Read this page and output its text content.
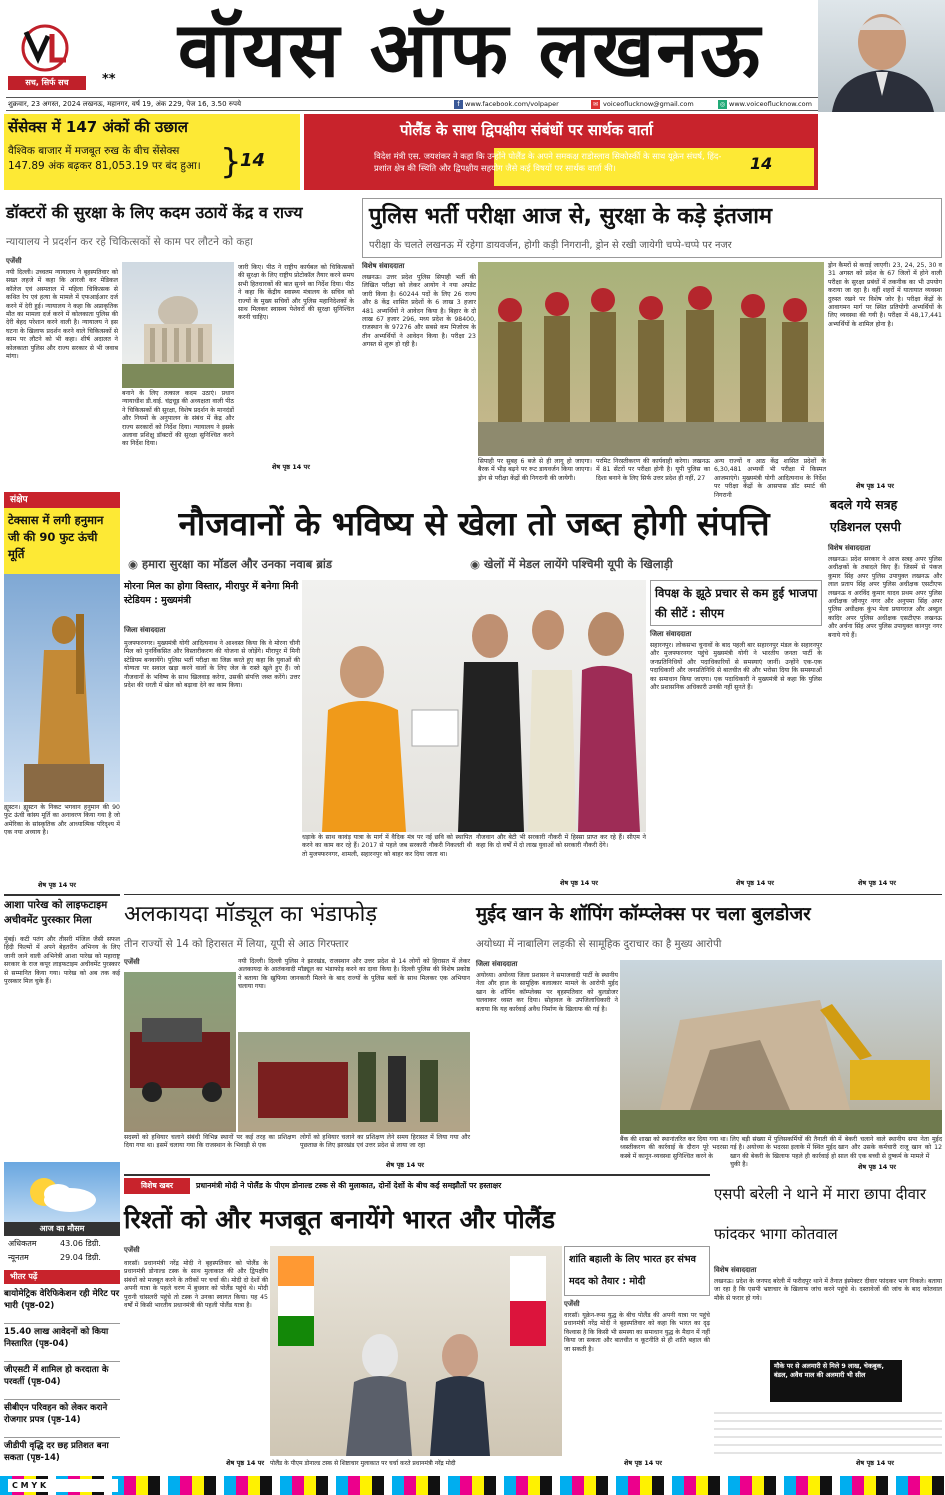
सच, सिर्फ सच	** वॉयस ऑफ लखनऊ
शुक्रवार, 23 अगस्त, 2024 लखनऊ, महानगर, वर्ष 19, अंक 229, पेज 16, 3.50 रुपये	f www.facebook.com/volpaper	✉ voiceoflucknow@gmail.com	◎ www.voiceoflucknow.com
सेंसेक्स में 147 अंकों की उछाल
वैश्विक बाजार में मजबूत रुख के बीच सेंसेक्स 147.89 अंक बढ़कर 81,053.19 पर बंद हुआ। }
14
पोलैंड के साथ द्विपक्षीय संबंधों पर सार्थक वार्ता
विदेश मंत्री एस. जयशंकर ने कहा कि उन्होंने पोलैंड के अपने समकक्ष राडोस्लाव सिकोर्स्की के साथ यूक्रेन संघर्ष, हिंद-प्रशांत क्षेत्र की स्थिति और द्विपक्षीय सहयोग जैसे कई विषयों पर सार्थक वार्ता की।	14
डॉक्टरों की सुरक्षा के लिए कदम उठायें केंद्र व राज्य
न्यायालय ने प्रदर्शन कर रहे चिकित्सकों से काम पर लौटने को कहा
एजेंसी
नयी दिल्ली। उच्चतम न्यायालय ने बृहस्पतिवार को सख्त लहजे में कहा कि आरजी कर मेडिकल कॉलेज एवं अस्पताल में महिला चिकित्सक से कथित रेप एवं हत्या के मामले में एफआईआर दर्ज करने में देरी हुई। न्यायालय ने कहा कि अप्राकृतिक मौत का मामला दर्ज करने में कोलकाता पुलिस की देरी बेहद परेशान करने वाली है। न्यायालय ने इस घटना के खिलाफ प्रदर्शन करने वाले चिकित्सकों से काम पर लौटने को भी कहा। शीर्ष अदालत ने कोलकाता पुलिस और राज्य सरकार से भी जवाब मांगा।
बनाने के लिए तत्काल कदम उठाएं। प्रधान न्यायाधीश डी.वाई. चंद्रचूड़ की अध्यक्षता वाली पीठ ने चिकित्सकों की सुरक्षा, विशेष प्रदर्शन के मानदंडों और नियमों के अनुपालन के संबंध में केंद्र और राज्य सरकारों को निर्देश दिया। न्यायालय ने इसके अलावा प्रशिक्षु डॉक्टरों की सुरक्षा सुनिश्चित करने का निर्देश दिया।
जारी किए। पीठ ने राष्ट्रीय कार्यबल को चिकित्सकों की सुरक्षा के लिए राष्ट्रीय प्रोटोकॉल तैयार करने समय सभी हितधारकों की बात सुनने का निर्देश दिया। पीठ ने कहा कि केंद्रीय स्वास्थ्य मंत्रालय के सचिव को राज्यों के मुख्य सचिवों और पुलिस महानिदेशकों के साथ मिलकर स्वास्थ्य पेशेवरों की सुरक्षा सुनिश्चित करनी चाहिए।
शेष पृष्ठ 14 पर
पुलिस भर्ती परीक्षा आज से, सुरक्षा के कड़े इंतजाम
परीक्षा के चलते लखनऊ में रहेगा डायवर्जन, होगी कड़ी निगरानी, ड्रोन से रखी जायेगी चप्पे-चप्पे पर नजर
विशेष संवाददाता
लखनऊ। उत्तर प्रदेश पुलिस सिपाही भर्ती की लिखित परीक्षा को लेकर आयोग ने नया अपडेट जारी किया है। 60244 पदों के लिए 26 राज्य और 8 केंद्र शासित प्रदेशों के 6 लाख 3 हजार 481 अभ्यर्थियों ने आवेदन किया है। बिहार के दो लाख 67 हजार 296, मध्य प्रदेश के 98400, राजस्थान के 97276 और सबसे कम मिजोरम के तीन अभ्यर्थियों ने आवेदन किया है। परीक्षा 23 अगस्त से शुरू हो रही है।
सिपाही पर सुबह 6 बजे से ही लागू हो जाएगा। बैरक में भीड़ बढ़ने पर रूट डायवर्जन किया जाएगा। ड्रोन से परीक्षा केंद्रों की निगरानी की जायेगी।
परमिट निरस्तीकरण की कार्यवाही करेगा। लखनऊ में 81 सेंटरों पर परीक्षा होनी है। यूपी पुलिस का दिशा बनाने के लिए सिर्फ उत्तर प्रदेश ही नहीं, 27
अन्य राज्यों व आठ केंद्र शासित प्रदेशों के 6,30,481 अभ्यर्थी भी परीक्षा में किस्मत आजमाएंगे। मुख्यमंत्री योगी आदित्यनाथ के निर्देश पर परीक्षा केंद्रों के आसपास डॉट स्मार्ट की निगरानी
ड्रोन कैमरों से कराई जाएगी। 23, 24, 25, 30 व 31 अगस्त को प्रदेश के 67 जिलों में होने वाली परीक्षा के सुरक्षा प्रबंधों में तकनीक का भी उपयोग कराया जा रहा है। वहीं शहरों में यातायात व्यवस्था दुरुस्त रखने पर विशेष जोर है। परीक्षा केंद्रों के आवागमन मार्ग पर स्थित प्रतियोगी अभ्यर्थियों के लिए व्यवस्था की गयी है। परीक्षा में 48,17,441 अभ्यर्थियों के शामिल होना है।
शेष पृष्ठ 14 पर
संक्षेप
टेक्सास में लगी हनुमान जी की 90 फुट ऊंची मूर्ति
ह्यूस्टन। ह्यूस्टन के निकट भगवान हनुमान की 90 फुट ऊंची कांस्य मूर्ति का अनावरण किया गया है जो अमेरिका के सांस्कृतिक और आध्यात्मिक परिदृश्य में एक नया अध्याय है।
शेष पृष्ठ 14 पर
नौजवानों के भविष्य से खेला तो जब्त होगी संपत्ति
◉ हमारा सुरक्षा का मॉडल और उनका नवाब ब्रांड	◉ खेलों में मेडल लायेंगे पश्चिमी यूपी के खिलाड़ी
मोरना मिल का होगा विस्तार, मीरापुर में बनेगा मिनी स्टेडियम : मुख्यमंत्री
जिला संवाददाता
मुजफ्फरनगर। मुख्यमंत्री योगी आदित्यनाथ ने आश्वस्त किया कि वे मोरना चीनी मिल को पुनर्विकसित और विस्तारीकरण की योजना से जोड़ेंगे। मीरापुर में मिनी स्टेडियम बनवायेंगे। पुलिस भर्ती परीक्षा का जिक्र करते हुए कहा कि युवाओं की योग्यता पर सवाल खड़ा करने वालों के लिए जेल के रास्ते खुले हुए हैं। जो नौजवानों के भविष्य के साथ खिलवाड़ करेगा, उसकी संपत्ति जब्त करेंगे। उत्तर प्रदेश की धरती में खेल को बढ़ावा देने का काम किया।
धड़ाके के साथ कावंड़ यात्रा के मार्ग में वैदिक मंत्र पर नई छवि को स्थापित करने का काम कर रहे हैं। 2017 से पहले जब सरकारी नौकरी निकलती थी तो मुजफ्फरनगर, शामली, सहारनपुर को बाहर कर दिया जाता था।
नौजवान और बेटी भी सरकारी नौकरी में हिस्सा प्राप्त कर रहे हैं। सीएम ने कहा कि दो वर्षों में दो लाख युवाओं को सरकारी नौकरी देंगे।
शेष पृष्ठ 14 पर
विपक्ष के झूठे प्रचार से कम हुई भाजपा की सीटें : सीएम
जिला संवाददाता
सहारनपुर। लोकसभा चुनावों के बाद पहली बार सहारनपुर मंडल के सहारनपुर और मुजफ्फरनगर पहुंचे मुख्यमंत्री योगी ने भारतीय जनता पार्टी के जनप्रतिनिधियों और पदाधिकारियों से समस्याएं जानीं। उन्होंने एक-एक पदाधिकारी और जनप्रतिनिधि से बातचीत की और भरोसा दिया कि समस्याओं का समाधान किया जाएगा। एक पदाधिकारी ने मुख्यमंत्री से कहा कि पुलिस और प्रशासनिक अधिकारी उनकी नहीं सुनते हैं।
शेष पृष्ठ 14 पर
बदले गये सत्रह एडिशनल एसपी
विशेष संवाददाता
लखनऊ। प्रदेश सरकार ने आज सत्रह अपर पुलिस अधीक्षकों के तबादले किए हैं। जिसमें से पंकज कुमार सिंह अपर पुलिस उपायुक्त लखनऊ और लाल प्रताप सिंह अपर पुलिस अधीक्षक एसटीएफ लखनऊ व अरविंद कुमार यादव प्रथम अपर पुलिस अधीक्षक जौनपुर नगर और अनुपमा सिंह अपर पुलिस अधीक्षक कुंभ मेला प्रयागराज और अब्दुल कादिर अपर पुलिस अधीक्षक एसटीएफ लखनऊ और अर्चना सिंह अपर पुलिस उपायुक्त कानपुर नगर बनाये गये हैं।
शेष पृष्ठ 14 पर
आशा पारेख को लाइफटाइम अचीवमेंट पुरस्कार मिला
मुंबई। कटी पतंग और तीसरी मंजिल जैसी सफल हिंदी फिल्मों में अपने बेहतरीन अभिनय के लिए जानी जाने वाली अभिनेत्री आशा पारेख को महाराष्ट्र सरकार के राज कपूर लाइफटाइम अचीवमेंट पुरस्कार से सम्मानित किया गया। पारेख को अब तक कई पुरस्कार मिल चुके हैं।
आज का मौसम
अधिकतम	43.06 डिग्री.
न्यूनतम	29.04 डिग्री.
भीतर पढ़ें
बायोमेट्रिक वेरिफिकेशन रही मेरिट पर भारी (पृष्ठ-02)
15.40 लाख आवेदनों को किया निस्तारित (पृष्ठ-04)
जीएसटी में शामिल हो करदाता के परवर्ती (पृष्ठ-04)
सीबीएन परिवहन को लेकर कराने रोजगार प्रपत्र (पृष्ठ-14)
जीडीपी वृद्धि दर छह प्रतिशत बना सकता (पृष्ठ-14)
अलकायदा मॉड्यूल का भंडाफोड़
तीन राज्यों से 14 को हिरासत में लिया, यूपी से आठ गिरफ्तार
एजेंसी	नयी दिल्ली। दिल्ली पुलिस ने झारखंड, राजस्थान और उत्तर प्रदेश से 14 लोगों को हिरासत में लेकर अलकायदा के आतंकवादी मॉड्यूल का भंडाफोड़ करने का दावा किया है। दिल्ली पुलिस की विशेष प्रकोष्ठ ने बताया कि खुफिया जानकारी मिलने के बाद राज्यों के पुलिस बलों के साथ मिलकर एक अभियान चलाया गया।
सदस्यों को हथियार चलाने संबंधी विभिन्न स्थानों पर कई तरह का प्रशिक्षण दिया गया था। इसमें चलाया गया कि राजस्थान के भिवाड़ी से एक
लोगों को हथियार चलाने का प्रशिक्षण लेने समय हिरासत में लिया गया और पूछताछ के लिए झारखंड एवं उत्तर प्रदेश से लाया जा रहा
शेष पृष्ठ 14 पर
मुईद खान के शॉपिंग कॉम्प्लेक्स पर चला बुलडोजर
अयोध्या में नाबालिग लड़की से सामूहिक दुराचार का है मुख्य आरोपी
जिला संवाददाता
अयोध्या। अयोध्या जिला प्रशासन ने समाजवादी पार्टी के स्थानीय नेता और हाल के सामूहिक बलात्कार मामले के आरोपी मुईद खान के शॉपिंग कॉम्प्लेक्स पर बृहस्पतिवार को बुलडोजर चलवाकर ध्वस्त कर दिया। सोहावल के उपजिलाधिकारी ने बताया कि यह कार्रवाई अवैध निर्माण के खिलाफ की गई है।
बैंक की शाखा को स्थानांतरित कर दिया गया था। ध्वस्तीकरण की कार्रवाई के दौरान पूरे भदरसा कस्बे में कानून-व्यवस्था सुनिश्चित करने के
लिए बड़ी संख्या में पुलिसकर्मियों की तैनाती की गई है। अयोध्या के भदरसा इलाके में स्थित मुईद खान की बेकरी के खिलाफ पहले ही कार्रवाई हो चुकी है।
में बेकरी चलाने वाले स्थानीय सपा नेता मुईद खान और उसके कर्मचारी राजू खान को 12 साल की एक बच्ची से दुष्कर्म के मामले में
शेष पृष्ठ 14 पर
विशेष खबर	प्रधानमंत्री मोदी ने पोलैंड के पीएम डोनाल्ड टस्क से की मुलाकात, दोनों देशों के बीच कई समझौतों पर हस्ताक्षर
रिश्तों को और मजबूत बनायेंगे भारत और पोलैंड
एजेंसी
वारसॉ। प्रधानमंत्री नरेंद्र मोदी ने बृहस्पतिवार को पोलैंड के प्रधानमंत्री डोनाल्ड टस्क के साथ मुलाकात की और द्विपक्षीय संबंधों को मजबूत करने के तरीकों पर चर्चा की। मोदी दो देशों की अपनी यात्रा के पहले चरण में बुधवार को पोलैंड पहुंचे थे। मोदी पुरानी चांसलरी पहुंचे तो टस्क ने उनका स्वागत किया। यह 45 वर्षों में किसी भारतीय प्रधानमंत्री की पहली पोलैंड यात्रा है।
पोलैंड के पीएम डोनाल्ड टस्क से शिष्टाचार मुलाकात पर चर्चा करते प्रधानमंत्री नरेंद्र मोदी
शेष पृष्ठ 14 पर
शांति बहाली के लिए भारत हर संभव मदद को तैयार : मोदी
एजेंसी
वारसॉ। यूक्रेन-रूस युद्ध के बीच पोलैंड की अपनी यात्रा पर पहुंचे प्रधानमंत्री नरेंद्र मोदी ने बृहस्पतिवार को कहा कि भारत का दृढ़ विश्वास है कि किसी भी समस्या का समाधान युद्ध के मैदान में नहीं किया जा सकता और बातचीत व कूटनीति से ही शांति बहाल की जा सकती है।
शेष पृष्ठ 14 पर
एसपी बरेली ने थाने में मारा छापा दीवार फांदकर भागा कोतवाल
विशेष संवाददाता
लखनऊ। प्रदेश के जनपद बरेली में फरीदपुर थाने में तैनात इंस्पेक्टर दीवार फांदकर भाग निकले। बताया जा रहा है कि एसपी भ्रष्टाचार के खिलाफ जांच करने पहुंचे थे। दस्तावेजों की जांच के बाद कोतवाल मौके से फरार हो गये।
मौके पर से अलमारी से मिले 9 लाख, चेकबुक, बंडल, अवैध माल की अलमारी भी सील
शेष पृष्ठ 14 पर
C M Y K
